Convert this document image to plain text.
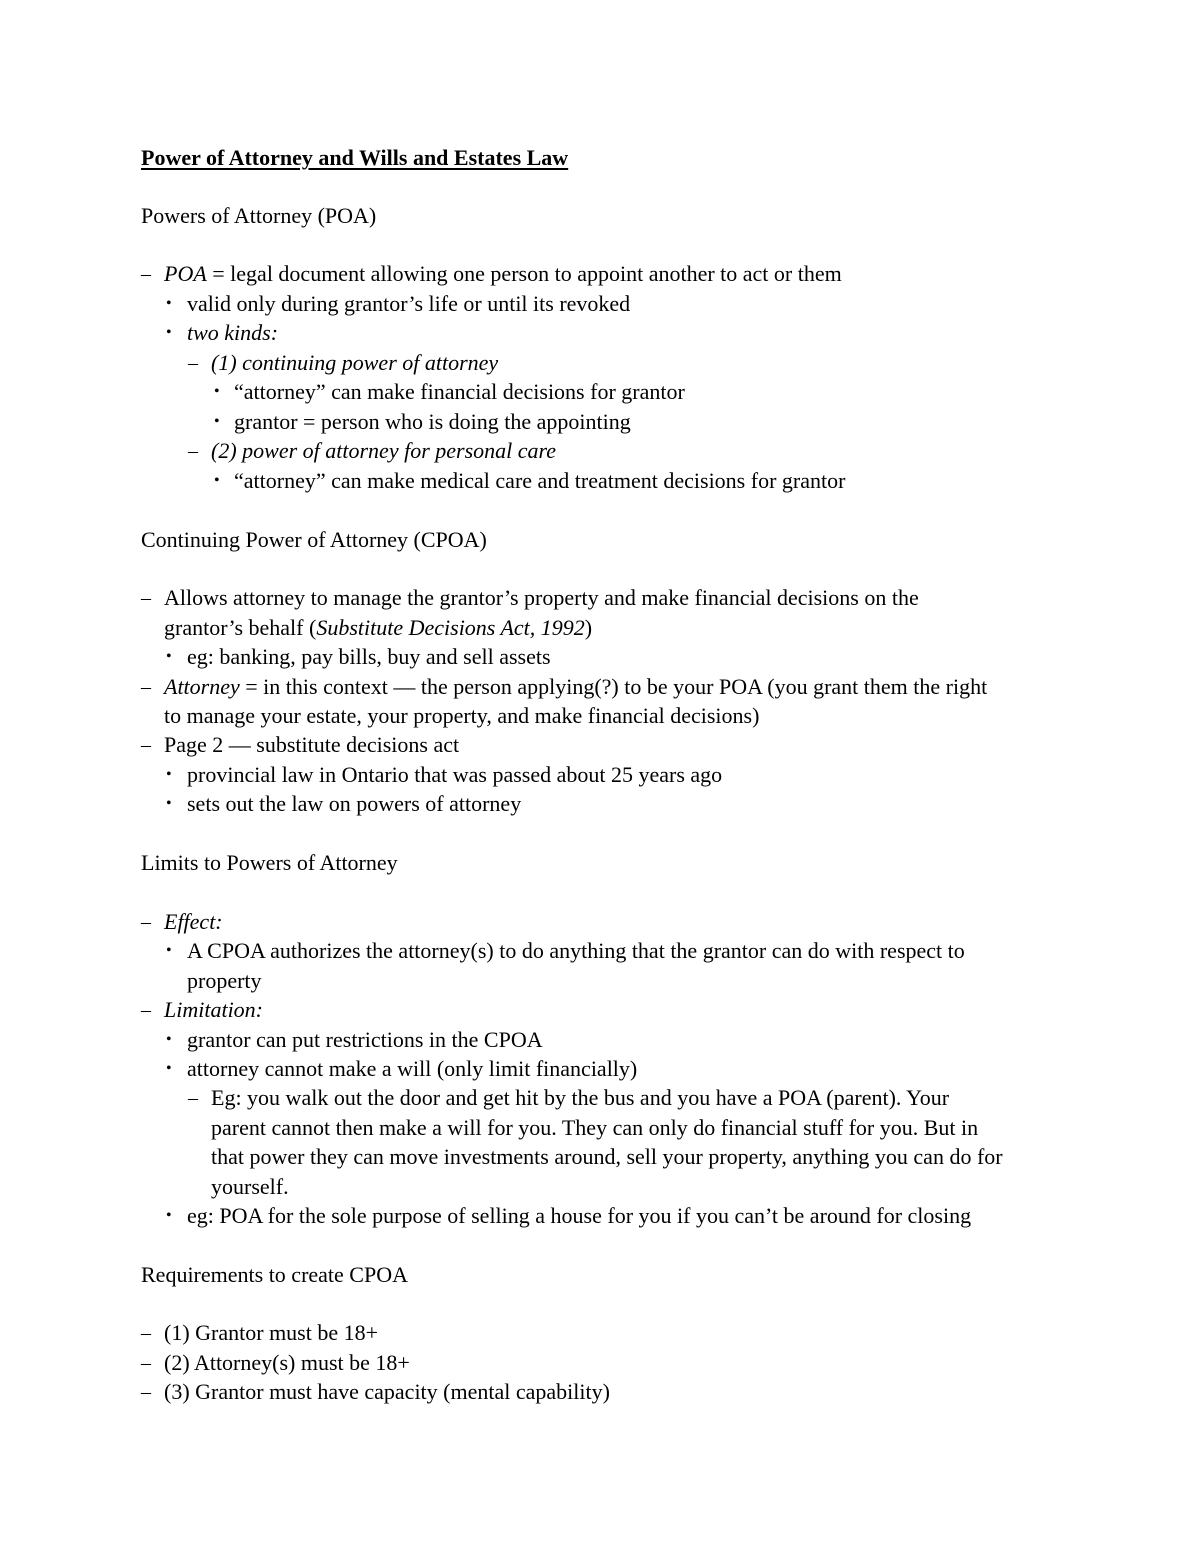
Power of Attorney and Wills and Estates Law
Powers of Attorney (POA)
– POA = legal document allowing one person to appoint another to act or them
• valid only during grantor’s life or until its revoked
• two kinds:
– (1) continuing power of attorney
• “attorney” can make financial decisions for grantor
• grantor = person who is doing the appointing
– (2) power of attorney for personal care
• “attorney” can make medical care and treatment decisions for grantor
Continuing Power of Attorney (CPOA)
– Allows attorney to manage the grantor’s property and make financial decisions on the
grantor’s behalf (Substitute Decisions Act, 1992)
• eg: banking, pay bills, buy and sell assets
– Attorney = in this context — the person applying(?) to be your POA (you grant them the right
to manage your estate, your property, and make financial decisions)
– Page 2 — substitute decisions act
• provincial law in Ontario that was passed about 25 years ago
• sets out the law on powers of attorney
Limits to Powers of Attorney
– Effect:
• A CPOA authorizes the attorney(s) to do anything that the grantor can do with respect to
property
– Limitation:
• grantor can put restrictions in the CPOA
• attorney cannot make a will (only limit financially)
– Eg: you walk out the door and get hit by the bus and you have a POA (parent). Your
parent cannot then make a will for you. They can only do financial stuff for you. But in
that power they can move investments around, sell your property, anything you can do for
yourself.
• eg: POA for the sole purpose of selling a house for you if you can’t be around for closing
Requirements to create CPOA
– (1) Grantor must be 18+
– (2) Attorney(s) must be 18+
– (3) Grantor must have capacity (mental capability)
